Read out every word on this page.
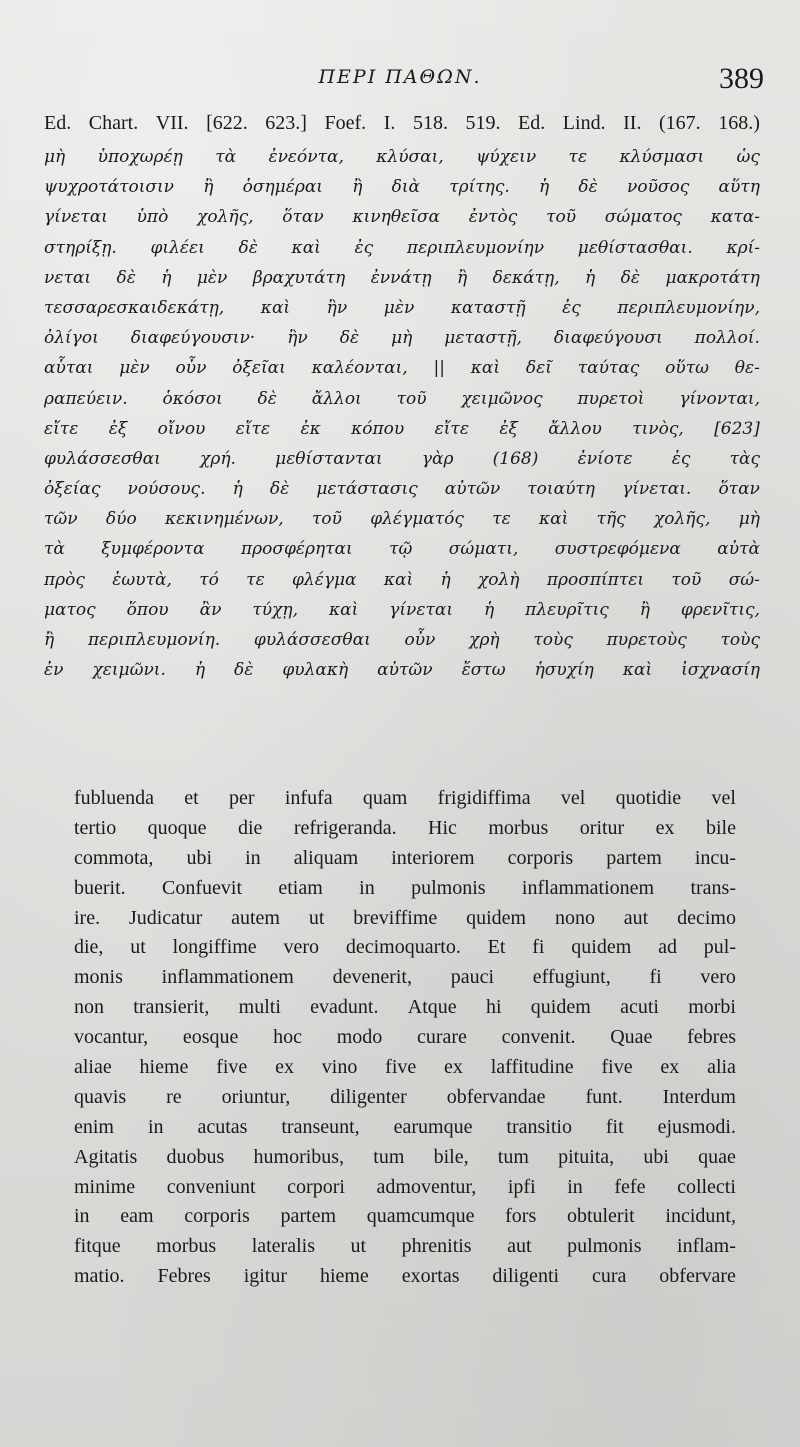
ΠΕΡΙ ΠΑΘΩΝ.	389
Ed. Chart. VII. [622. 623.] Foef. I. 518. 519. Ed. Lind. II. (167. 168.)
μὴ ὑποχωρέῃ τὰ ἐνεόντα, κλύσαι, ψύχειν τε κλύσμασι ὡς
ψυχροτάτοισιν ἢ ὁσημέραι ἢ διὰ τρίτης. ἡ δὲ νοῦσος αὕτη
γίνεται ὑπὸ χολῆς, ὅταν κινηθεῖσα ἐντὸς τοῦ σώματος κατα-
στηρίξῃ. φιλέει δὲ καὶ ἐς περιπλευμονίην μεθίστασθαι. κρί-
νεται δὲ ἡ μὲν βραχυτάτη ἐννάτῃ ἢ δεκάτῃ, ἡ δὲ μακροτάτη
τεσσαρεσκαιδεκάτῃ, καὶ ἢν μὲν καταστῇ ἐς περιπλευμονίην,
ὀλίγοι διαφεύγουσιν· ἢν δὲ μὴ μεταστῇ, διαφεύγουσι πολλοί.
αὗται μὲν οὖν ὀξεῖαι καλέονται, || καὶ δεῖ ταύτας οὕτω θε-
ραπεύειν. ὁκόσοι δὲ ἄλλοι τοῦ χειμῶνος πυρετοὶ γίνονται,
εἴτε ἐξ οἴνου εἴτε ἐκ κόπου εἴτε ἐξ ἄλλου τινὸς, [623]
φυλάσσεσθαι χρή. μεθίστανται γὰρ (168) ἐνίοτε ἐς τὰς
ὀξείας νούσους. ἡ δὲ μετάστασις αὐτῶν τοιαύτη γίνεται. ὅταν
τῶν δύο κεκινημένων, τοῦ φλέγματός τε καὶ τῆς χολῆς, μὴ
τὰ ξυμφέροντα προσφέρηται τῷ σώματι, συστρεφόμενα αὐτὰ
πρὸς ἑωυτὰ, τό τε φλέγμα καὶ ἡ χολὴ προσπίπτει τοῦ σώ-
ματος ὅπου ἂν τύχῃ, καὶ γίνεται ἡ πλευρῖτις ἢ φρενῖτις,
ἢ περιπλευμονίη. φυλάσσεσθαι οὖν χρὴ τοὺς πυρετοὺς τοὺς
ἐν χειμῶνι. ἡ δὲ φυλακὴ αὐτῶν ἔστω ἡσυχίη καὶ ἰσχνασίη
fubluenda et per infufa quam frigidiffima vel quotidie vel
tertio quoque die refrigeranda. Hic morbus oritur ex bile
commota, ubi in aliquam interiorem corporis partem incu-
buerit. Confuevit etiam in pulmonis inflammationem trans-
ire. Judicatur autem ut breviffime quidem nono aut decimo
die, ut longiffime vero decimoquarto. Et fi quidem ad pul-
monis inflammationem devenerit, pauci effugiunt, fi vero
non transierit, multi evadunt. Atque hi quidem acuti morbi
vocantur, eosque hoc modo curare convenit. Quae febres
aliae hieme five ex vino five ex laffitudine five ex alia
quavis re oriuntur, diligenter obfervandae funt. Interdum
enim in acutas transeunt, earumque transitio fit ejusmodi.
Agitatis duobus humoribus, tum bile, tum pituita, ubi quae
minime conveniunt corpori admoventur, ipfi in fefe collecti
in eam corporis partem quamcumque fors obtulerit incidunt,
fitque morbus lateralis ut phrenitis aut pulmonis inflam-
matio. Febres igitur hieme exortas diligenti cura obfervare
